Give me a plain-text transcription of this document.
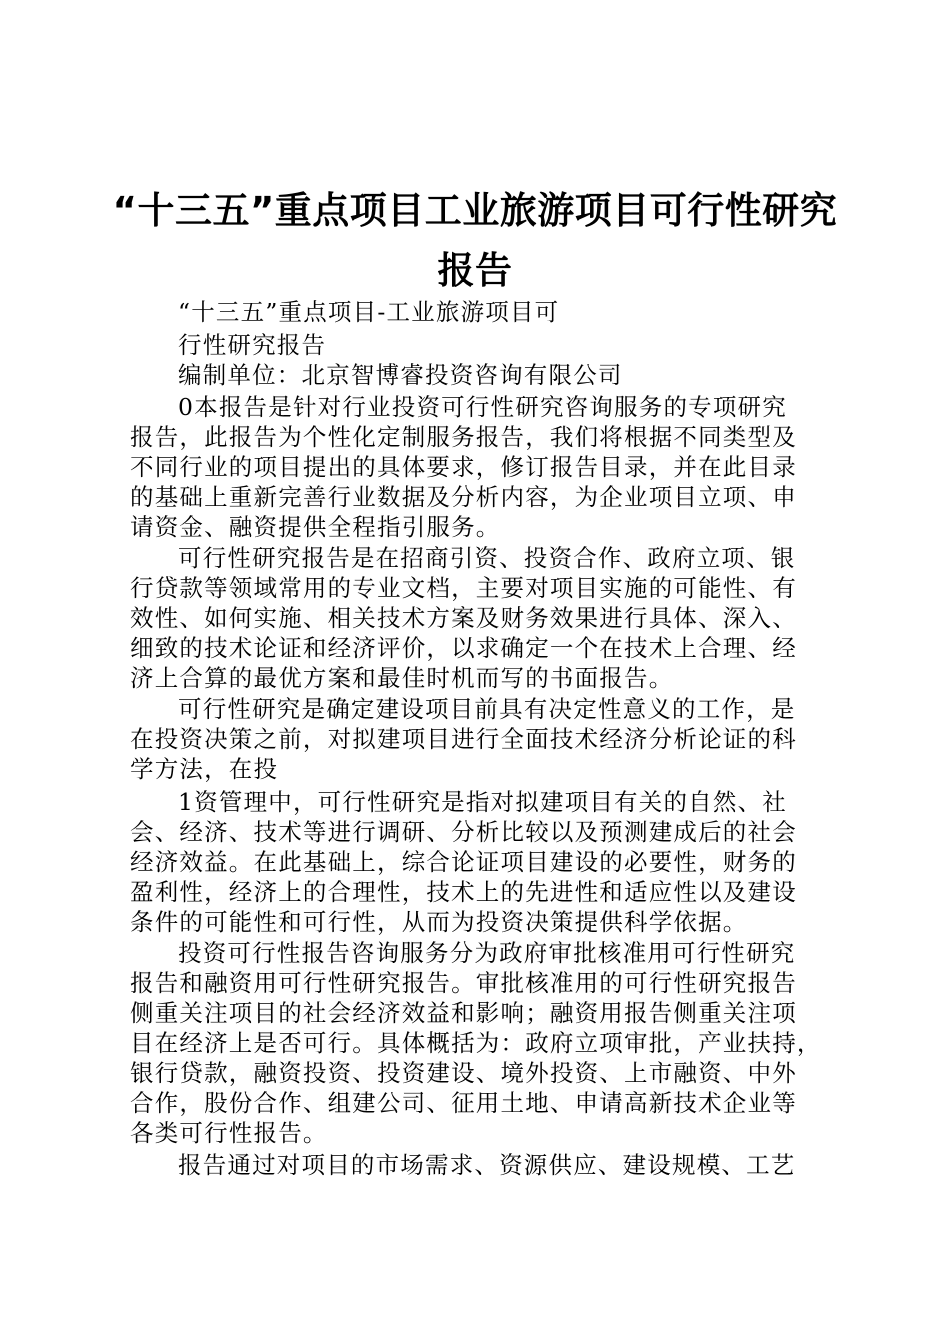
“十三五”重点项目工业旅游项目可行性研究
报告
“十三五”重点项目-工业旅游项目可
行性研究报告
编制单位：北京智博睿投资咨询有限公司
0本报告是针对行业投资可行性研究咨询服务的专项研究
报告，此报告为个性化定制服务报告，我们将根据不同类型及
不同行业的项目提出的具体要求，修订报告目录，并在此目录
的基础上重新完善行业数据及分析内容，为企业项目立项、申
请资金、融资提供全程指引服务。
可行性研究报告是在招商引资、投资合作、政府立项、银
行贷款等领域常用的专业文档，主要对项目实施的可能性、有
效性、如何实施、相关技术方案及财务效果进行具体、深入、
细致的技术论证和经济评价，以求确定一个在技术上合理、经
济上合算的最优方案和最佳时机而写的书面报告。
可行性研究是确定建设项目前具有决定性意义的工作，是
在投资决策之前，对拟建项目进行全面技术经济分析论证的科
学方法，在投
1资管理中，可行性研究是指对拟建项目有关的自然、社
会、经济、技术等进行调研、分析比较以及预测建成后的社会
经济效益。在此基础上，综合论证项目建设的必要性，财务的
盈利性，经济上的合理性，技术上的先进性和适应性以及建设
条件的可能性和可行性，从而为投资决策提供科学依据。
投资可行性报告咨询服务分为政府审批核准用可行性研究
报告和融资用可行性研究报告。审批核准用的可行性研究报告
侧重关注项目的社会经济效益和影响；融资用报告侧重关注项
目在经济上是否可行。具体概括为：政府立项审批，产业扶持，
银行贷款，融资投资、投资建设、境外投资、上市融资、中外
合作，股份合作、组建公司、征用土地、申请高新技术企业等
各类可行性报告。
报告通过对项目的市场需求、资源供应、建设规模、工艺
